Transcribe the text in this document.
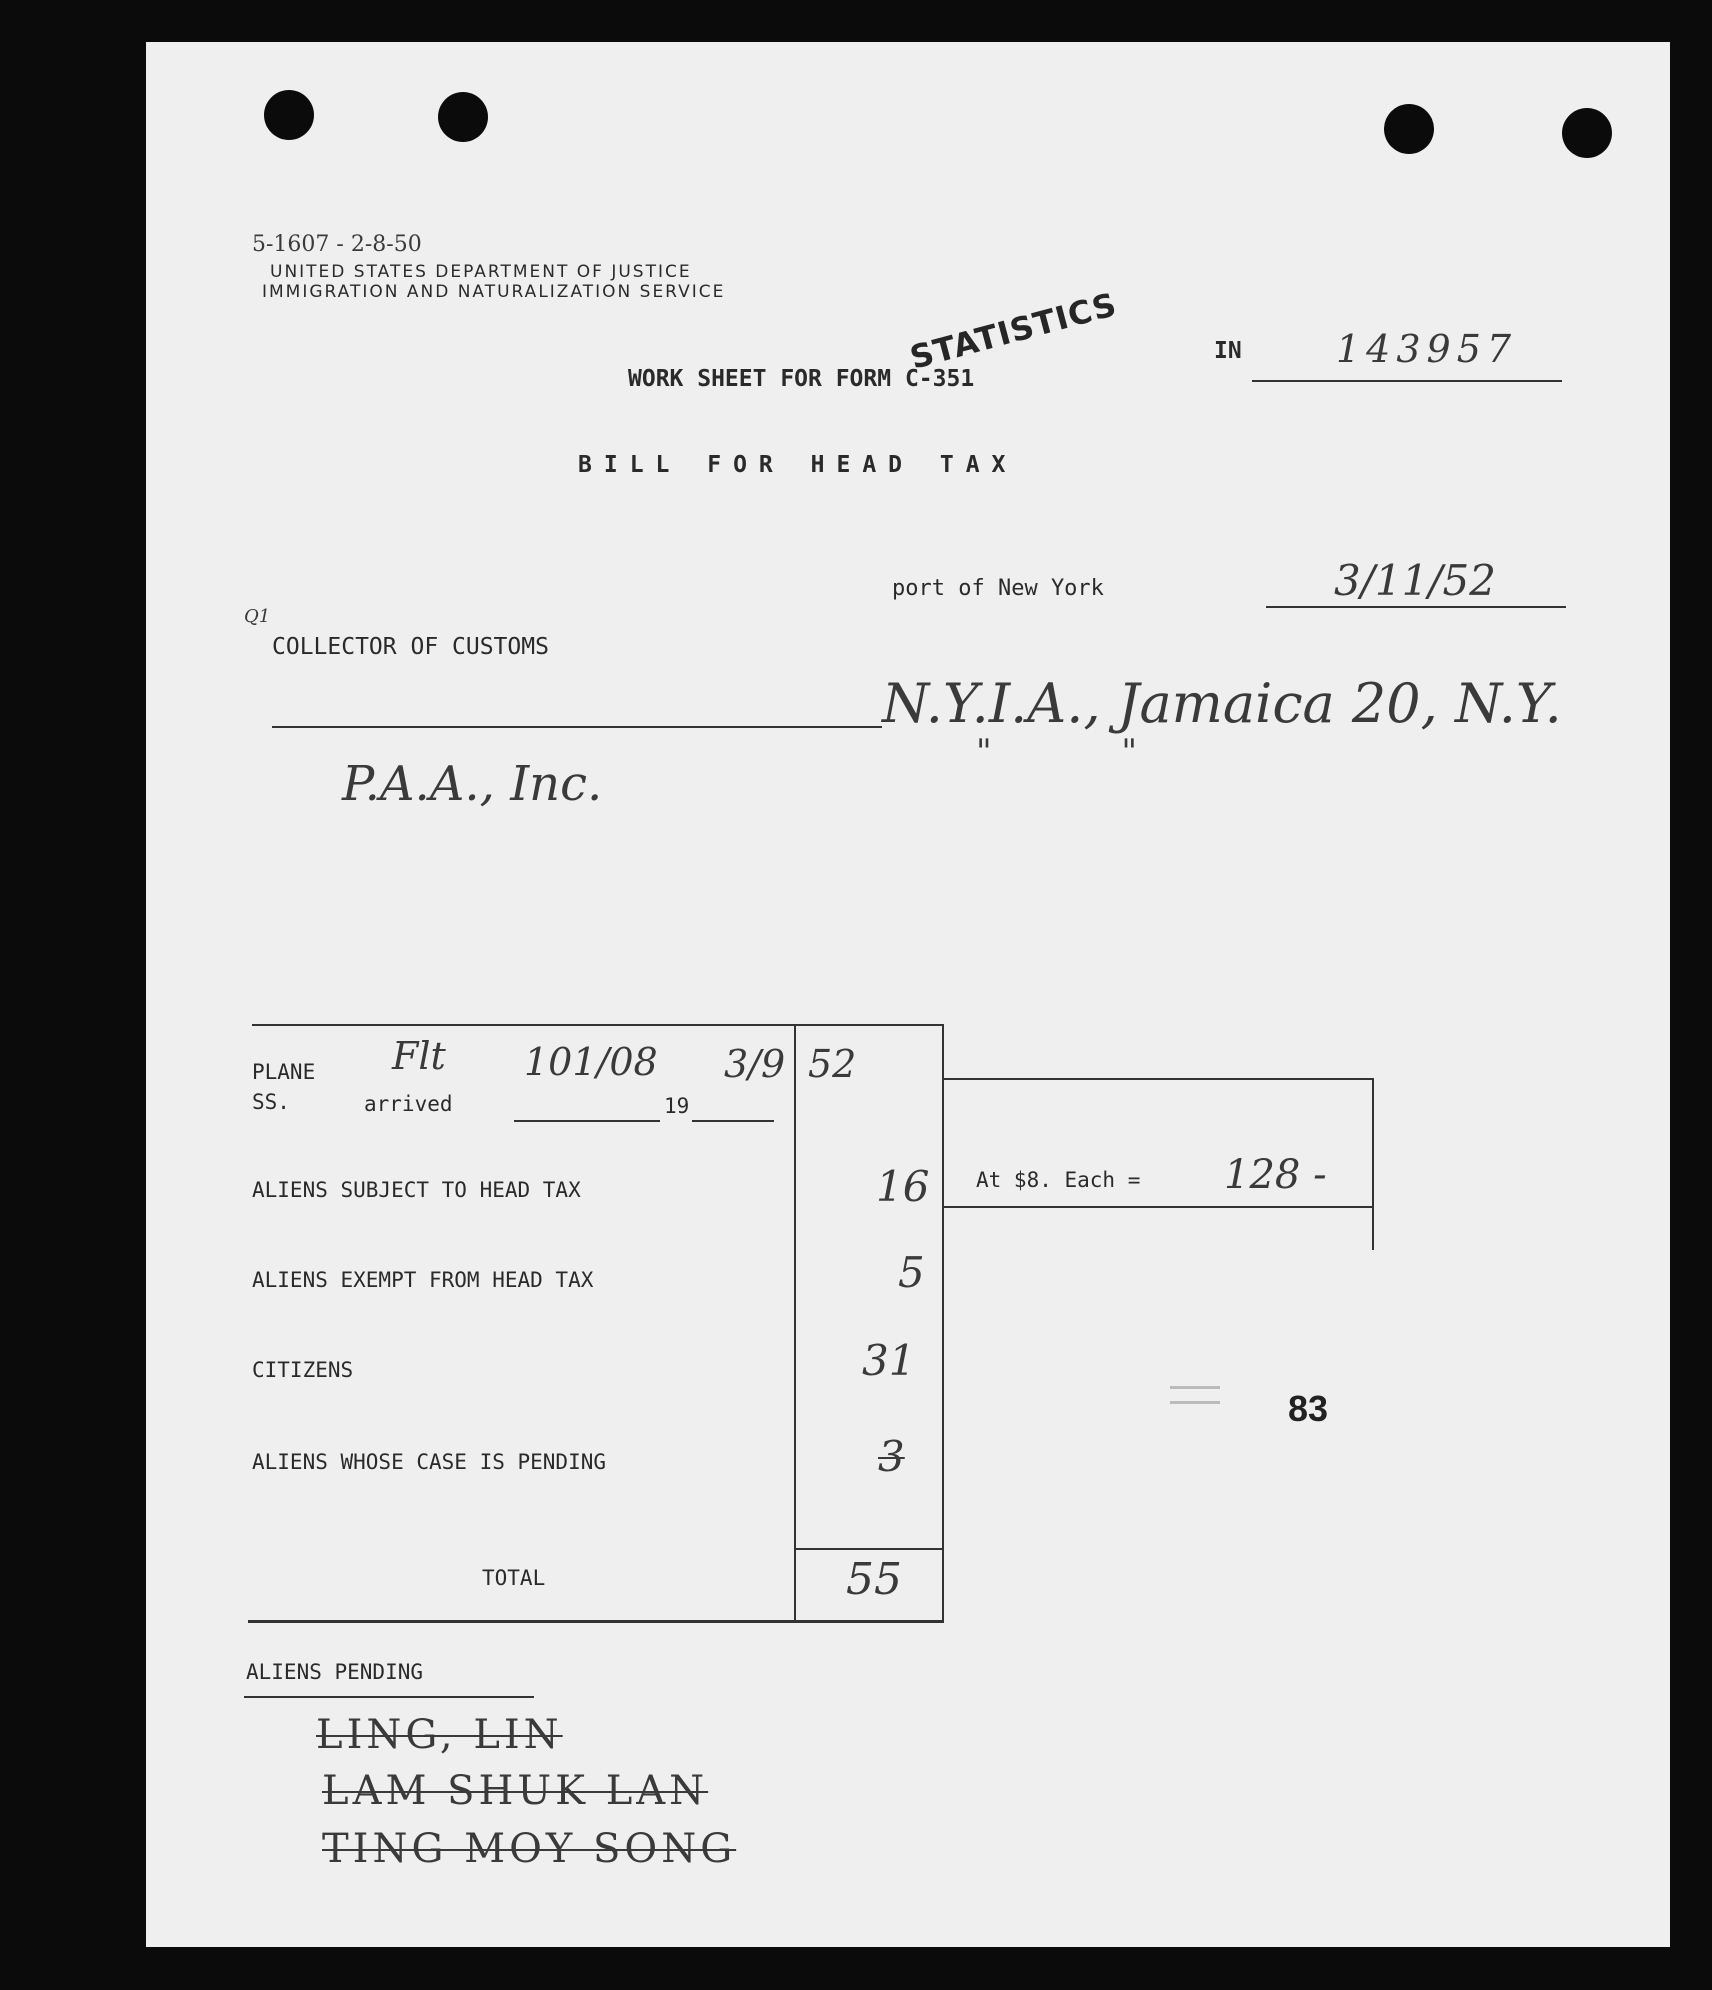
5-1607 - 2-8-50
UNITED STATES DEPARTMENT OF JUSTICE
IMMIGRATION AND NATURALIZATION SERVICE	STATISTICS	IN 143957
WORK SHEET FOR FORM C-351
BILL FOR HEAD TAX
port of New York	3/11/52
Q1
COLLECTOR OF CUSTOMS
N.Y.I.A., Jamaica 20, N.Y.
"            "
P.A.A., Inc.
PLANE
SS.
Flt 101/08
arrived
3/9
19
52
ALIENS SUBJECT TO HEAD TAX	16
ALIENS EXEMPT FROM HEAD TAX	5
CITIZENS	31
ALIENS WHOSE CASE IS PENDING	3
TOTAL	55
At $8. Each = 128 -
83
ALIENS PENDING
LING, LIN
LAM SHUK LAN
TING MOY SONG
